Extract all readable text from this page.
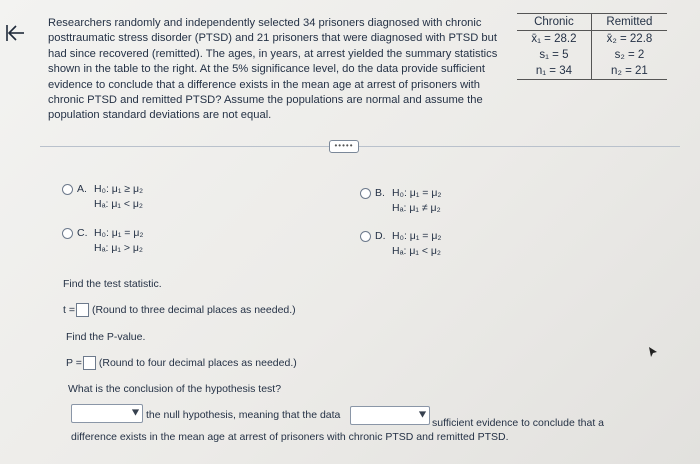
Researchers randomly and independently selected 34 prisoners diagnosed with chronic posttraumatic stress disorder (PTSD) and 21 prisoners that were diagnosed with PTSD but had since recovered (remitted). The ages, in years, at arrest yielded the summary statistics shown in the table to the right. At the 5% significance level, do the data provide sufficient evidence to conclude that a difference exists in the mean age at arrest of prisoners with chronic PTSD and remitted PTSD? Assume the populations are normal and assume the population standard deviations are not equal.
Chronic	Remitted
x̄₁ = 28.2	x̄₂ = 22.8
s₁ = 5	s₂ = 2
n₁ = 34	n₂ = 21
•••••
A. H₀: μ₁ ≥ μ₂
Hₐ: μ₁ < μ₂
B. H₀: μ₁ = μ₂
Hₐ: μ₁ ≠ μ₂
C. H₀: μ₁ = μ₂
Hₐ: μ₁ > μ₂
D. H₀: μ₁ = μ₂
Hₐ: μ₁ < μ₂
Find the test statistic.
t = (Round to three decimal places as needed.)
Find the P-value.
P = (Round to four decimal places as needed.)
What is the conclusion of the hypothesis test?
the null hypothesis, meaning that the data
sufficient evidence to conclude that a
difference exists in the mean age at arrest of prisoners with chronic PTSD and remitted PTSD.
